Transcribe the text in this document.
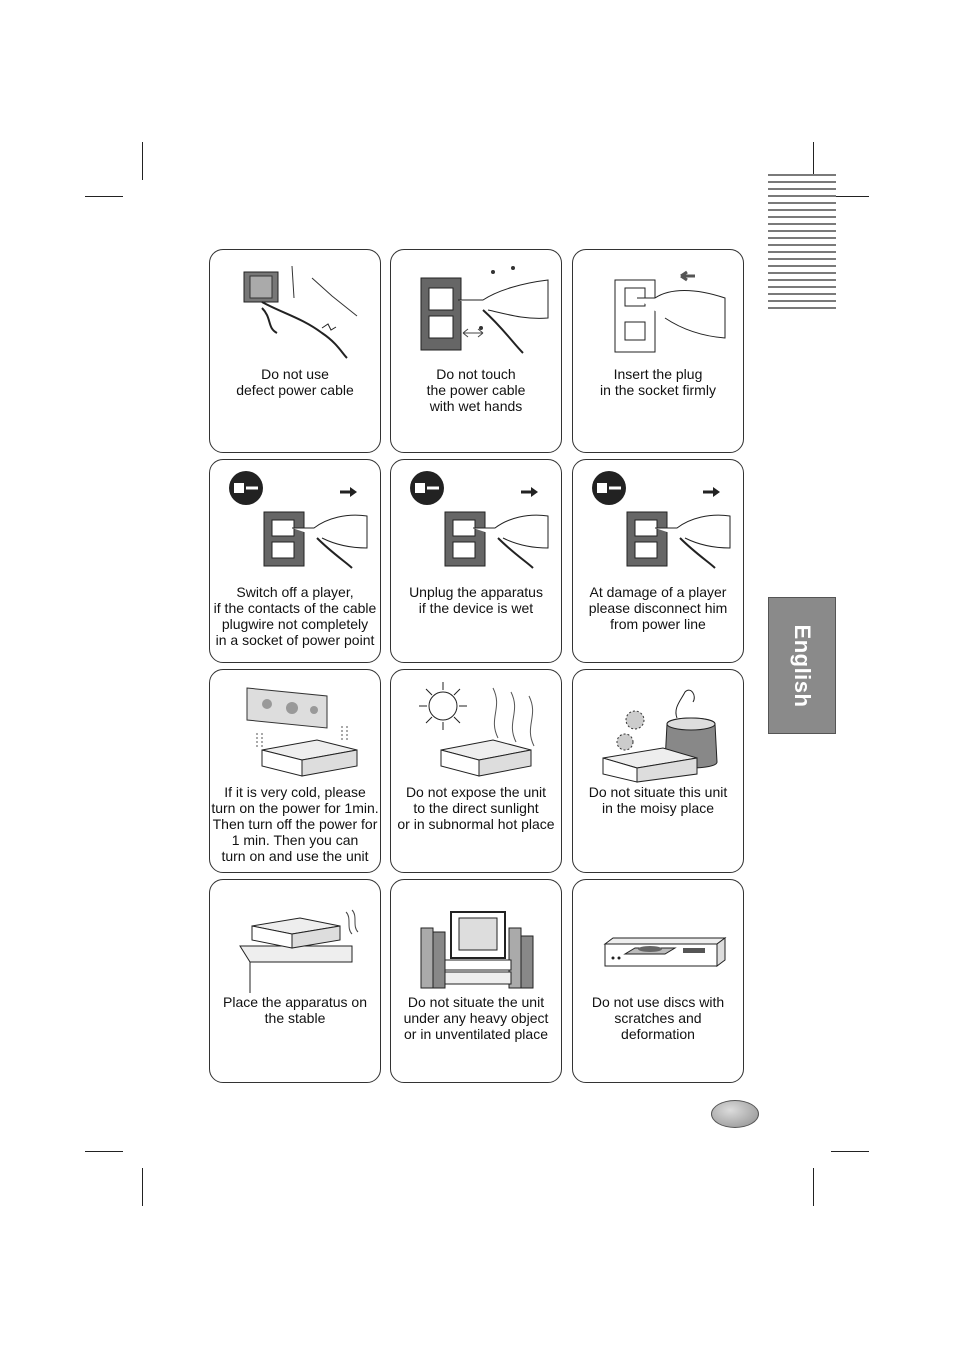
English
Do not use
defect power cable
Do not touch
the power cable
with wet hands
Insert the plug
in the socket firmly
Switch off a player,
if the contacts of the cable
plugwire not completely
in a socket of power point
Unplug the apparatus
if the device is wet
At damage of a player
please disconnect him
from power line
If it is very cold, please
turn on the power for 1min.
Then turn off the power for
1 min. Then you can
turn on and use the unit
Do not expose the unit
to the direct sunlight
or in subnormal hot place
Do not situate this unit
in the moisy place
Place the apparatus on
the stable
Do not situate the unit
under any heavy object
or in unventilated place
Do not use discs with
scratches and
deformation
